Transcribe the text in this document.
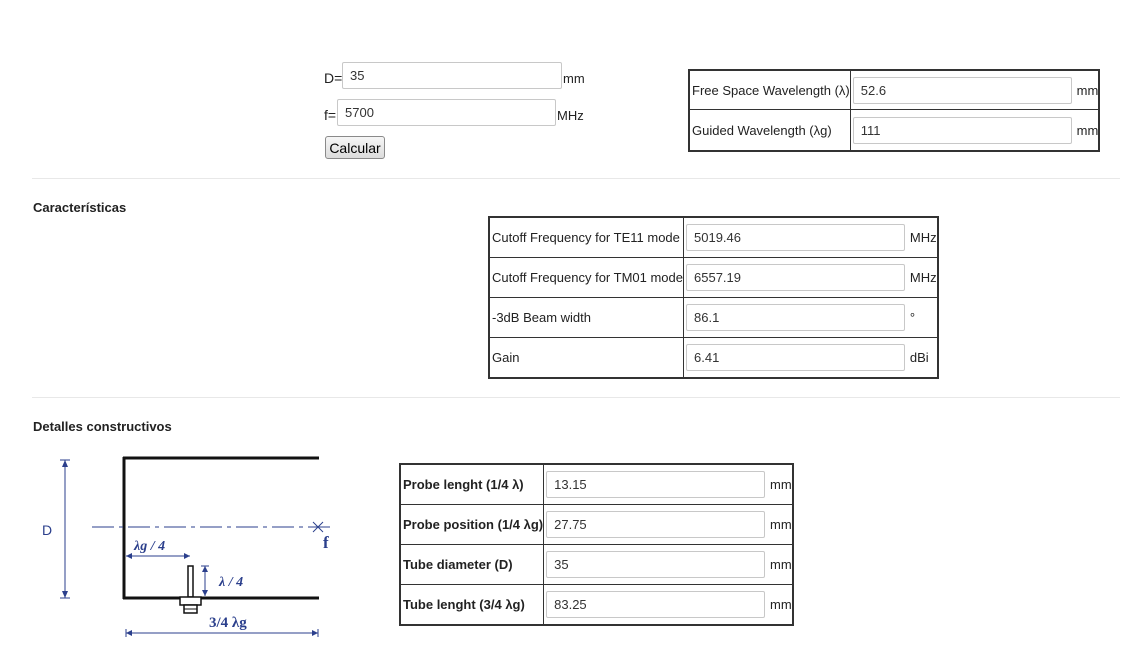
D=
35	mm
f=
5700	MHz
Calcular
Free Space Wavelength (λ)	52.6mm
Guided Wavelength (λg)	111mm
Características
Cutoff Frequency for TE11 mode	5019.46MHz
Cutoff Frequency for TM01 mode	6557.19MHz
-3dB Beam width	86.1°
Gain	6.41dBi
Detalles constructivos
D
f
λg / 4
λ / 4
3/4 λg
Probe lenght (1/4 λ)	13.15mm
Probe position (1/4 λg)	27.75mm
Tube diameter (D)	35mm
Tube lenght (3/4 λg)	83.25mm
